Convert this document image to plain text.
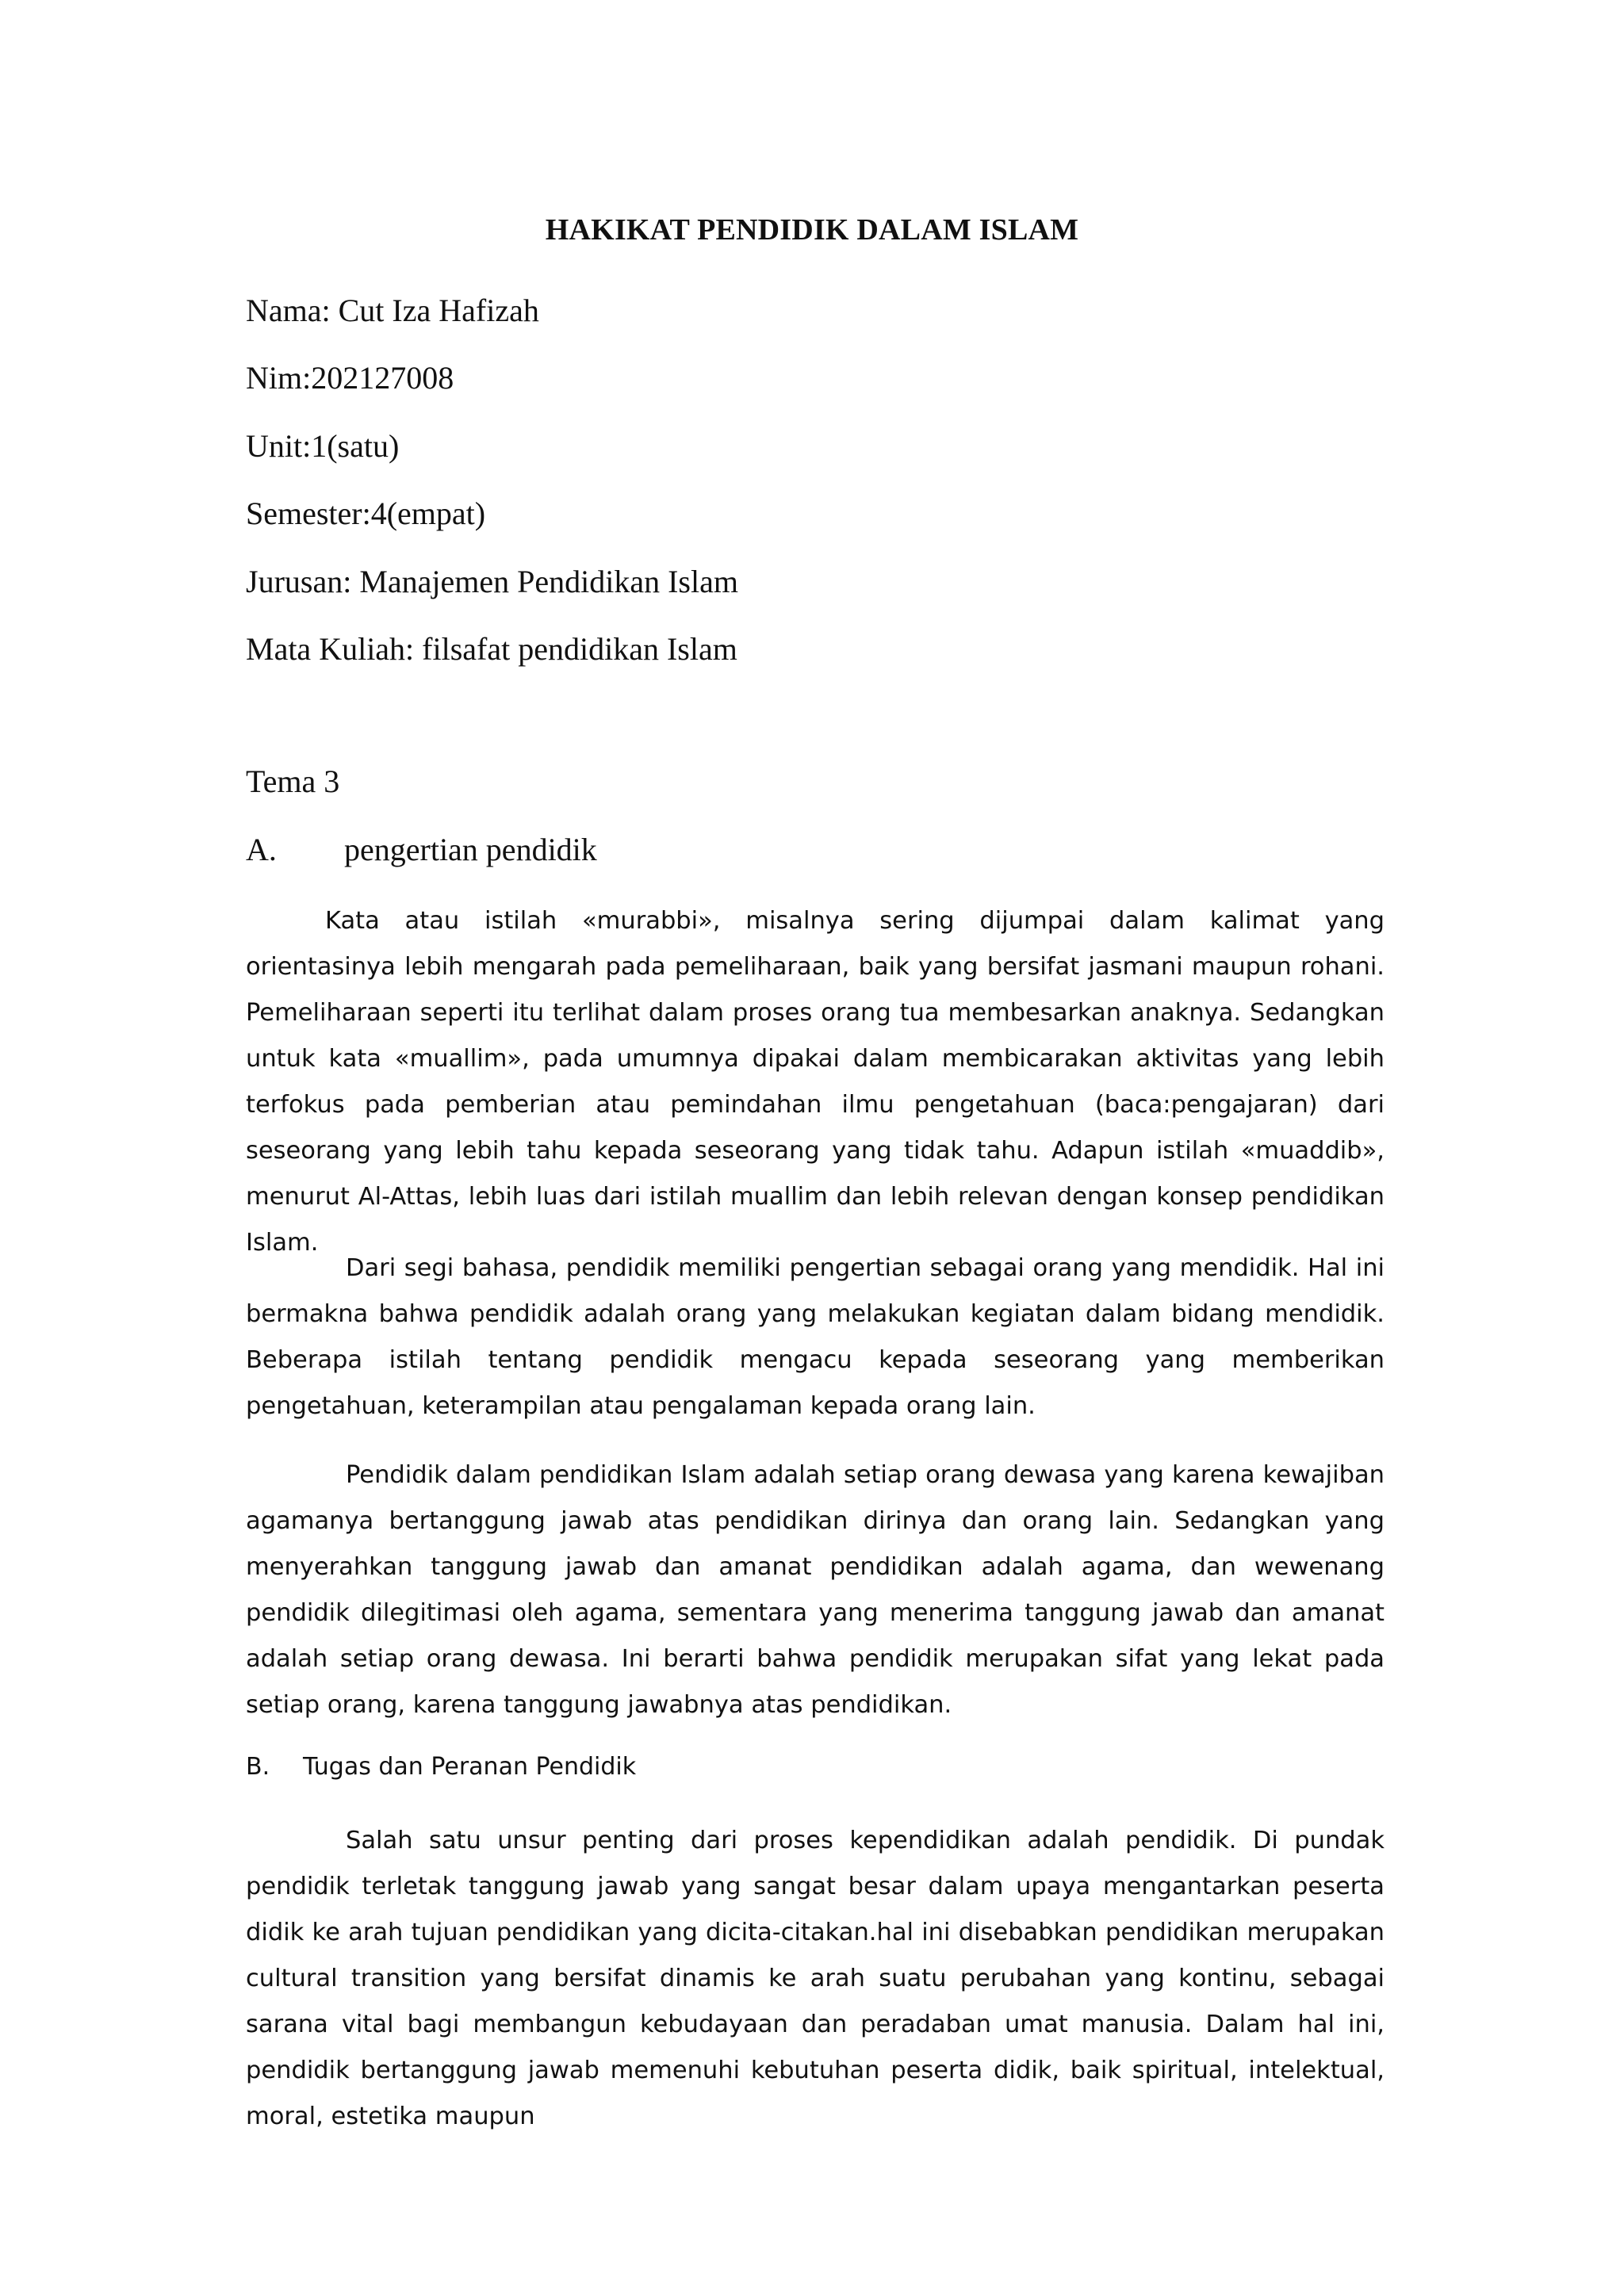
HAKIKAT PENDIDIK DALAM ISLAM
Nama: Cut Iza Hafizah
Nim:202127008
Unit:1(satu)
Semester:4(empat)
Jurusan: Manajemen Pendidikan Islam
Mata Kuliah: filsafat pendidikan Islam
Tema 3
A. pengertian pendidik

Kata atau istilah «murabbi», misalnya sering dijumpai dalam kalimat yang orientasinya lebih mengarah pada pemeliharaan, baik yang bersifat jasmani maupun rohani. Pemeliharaan seperti itu terlihat dalam proses orang tua membesarkan anaknya. Sedangkan untuk kata «muallim», pada umumnya dipakai dalam membicarakan aktivitas yang lebih terfokus pada pemberian atau pemindahan ilmu pengetahuan (baca:pengajaran) dari seseorang yang lebih tahu kepada seseorang yang tidak tahu. Adapun istilah «muaddib», menurut Al-Attas, lebih luas dari istilah muallim dan lebih relevan dengan konsep pendidikan Islam.

Dari segi bahasa, pendidik memiliki pengertian sebagai orang yang mendidik. Hal ini bermakna bahwa pendidik adalah orang yang melakukan kegiatan dalam bidang mendidik. Beberapa istilah tentang pendidik mengacu kepada seseorang yang memberikan pengetahuan, keterampilan atau pengalaman kepada orang lain.

Pendidik dalam pendidikan Islam adalah setiap orang dewasa yang karena kewajiban agamanya bertanggung jawab atas pendidikan dirinya dan orang lain. Sedangkan yang menyerahkan tanggung jawab dan amanat pendidikan adalah agama, dan wewenang pendidik dilegitimasi oleh agama, sementara yang menerima tanggung jawab dan amanat adalah setiap orang dewasa. Ini berarti bahwa pendidik merupakan sifat yang lekat pada setiap orang, karena tanggung jawabnya atas pendidikan.

B. Tugas dan Peranan Pendidik

Salah satu unsur penting dari proses kependidikan adalah pendidik. Di pundak pendidik terletak tanggung jawab yang sangat besar dalam upaya mengantarkan peserta didik ke arah tujuan pendidikan yang dicita-citakan.hal ini disebabkan pendidikan merupakan cultural transition yang bersifat dinamis ke arah suatu perubahan yang kontinu, sebagai sarana vital bagi membangun kebudayaan dan peradaban umat manusia. Dalam hal ini, pendidik bertanggung jawab memenuhi kebutuhan peserta didik, baik spiritual, intelektual, moral, estetika maupun
